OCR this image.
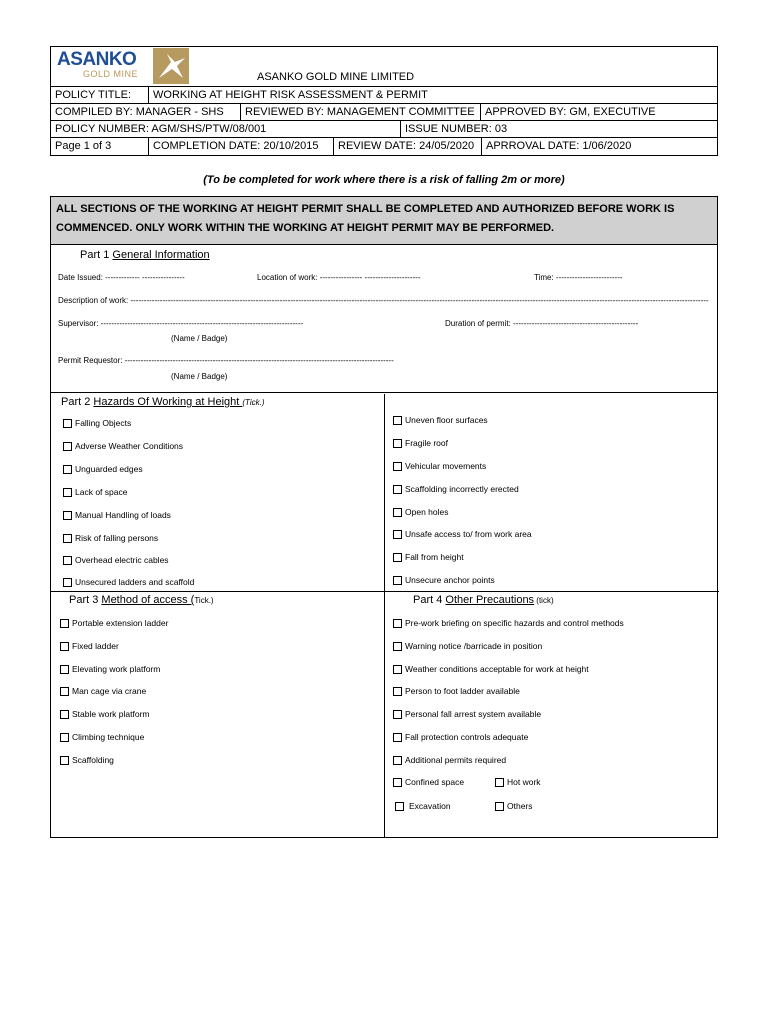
ASANKO
GOLD MINE	ASANKO GOLD MINE LIMITED
POLICY TITLE:	WORKING AT HEIGHT RISK ASSESSMENT & PERMIT
COMPILED BY: MANAGER - SHS	REVIEWED BY: MANAGEMENT COMMITTEE APPROVED BY: GM, EXECUTIVE
POLICY NUMBER: AGM/SHS/PTW/08/001	ISSUE NUMBER: 03
Page 1 of 3	COMPLETION DATE: 20/10/2015	REVIEW DATE: 24/05/2020	APRROVAL DATE: 1/06/2020
(To be completed for work where there is a risk of falling 2m or more)
ALL SECTIONS OF THE WORKING AT HEIGHT PERMIT SHALL BE COMPLETED AND AUTHORIZED BEFORE WORK IS
COMMENCED. ONLY WORK WITHIN THE WORKING AT HEIGHT PERMIT MAY BE PERFORMED.
Part 1 General Information
Date Issued: ------------- ----------------	Location of work: ---------------- ---------------------	Time: -------------------------
Description of work: -------------------------------------------------------------------------------------------------------------------------------------------------------------------------------------------------------------------------
Supervisor: ----------------------------------------------------------------------------	Duration of permit: -----------------------------------------------
(Name / Badge)
Permit Requestor: -----------------------------------------------------------------------------------------------------
(Name / Badge)
Part 2 Hazards Of Working at Height (Tick.)
Falling Objects
Adverse Weather Conditions
Unguarded edges
Lack of space
Manual Handling of loads
Risk of falling persons
Overhead electric cables
Unsecured ladders and scaffold
Uneven floor surfaces
Fragile roof
Vehicular movements
Scaffolding incorrectly erected
Open holes
Unsafe access to/ from work area
Fall from height
Unsecure anchor points
Part 3 Method of access (Tick.)
Portable extension ladder
Fixed ladder
Elevating work platform
Man cage via crane
Stable work platform
Climbing technique
Scaffolding
Part 4 Other Precautions (tick)
Pre-work briefing on specific hazards and control methods
Warning notice /barricade in position
Weather conditions acceptable for work at height
Person to foot ladder available
Personal fall arrest system available
Fall protection controls adequate
Additional permits required
Confined space	Hot work
Excavation	Others
